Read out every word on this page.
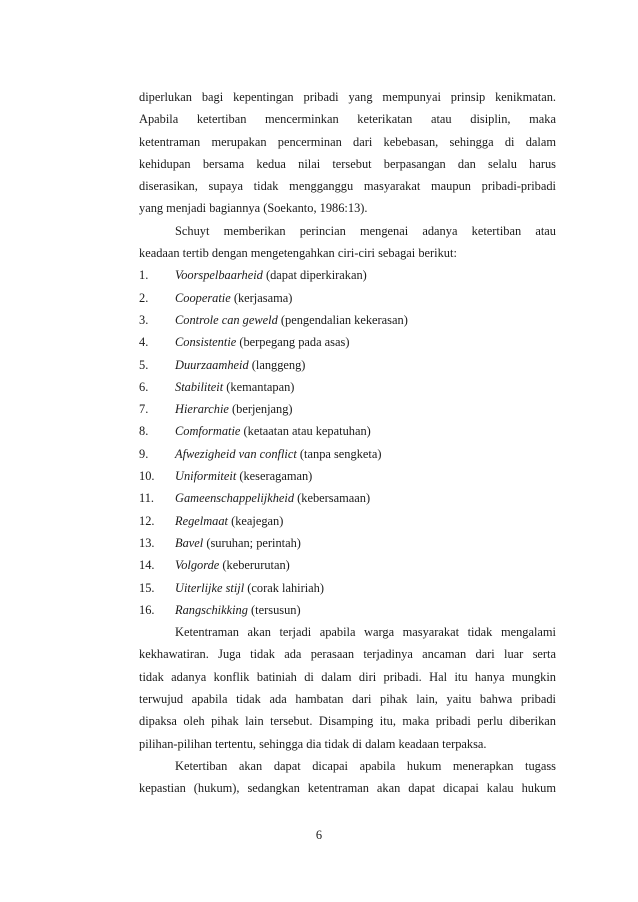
diperlukan bagi kepentingan pribadi yang mempunyai prinsip kenikmatan.
Apabila ketertiban mencerminkan keterikatan atau disiplin, maka
ketentraman merupakan pencerminan dari kebebasan, sehingga di dalam
kehidupan bersama kedua nilai tersebut berpasangan dan selalu harus
diserasikan, supaya tidak mengganggu masyarakat maupun pribadi-pribadi
yang menjadi bagiannya (Soekanto, 1986:13).
Schuyt memberikan perincian mengenai adanya ketertiban atau
keadaan tertib dengan mengetengahkan ciri-ciri sebagai berikut:
1.	Voorspelbaarheid (dapat diperkirakan)
2.	Cooperatie (kerjasama)
3.	Controle can geweld (pengendalian kekerasan)
4.	Consistentie (berpegang pada asas)
5.	Duurzaamheid (langgeng)
6.	Stabiliteit (kemantapan)
7.	Hierarchie (berjenjang)
8.	Comformatie (ketaatan atau kepatuhan)
9.	Afwezigheid van conflict (tanpa sengketa)
10.	Uniformiteit (keseragaman)
11.	Gameenschappelijkheid (kebersamaan)
12.	Regelmaat (keajegan)
13.	Bavel (suruhan; perintah)
14.	Volgorde (keberurutan)
15.	Uiterlijke stijl (corak lahiriah)
16.	Rangschikking (tersusun)
Ketentraman akan terjadi apabila warga masyarakat tidak mengalami
kekhawatiran. Juga tidak ada perasaan terjadinya ancaman dari luar serta
tidak adanya konflik batiniah di dalam diri pribadi. Hal itu hanya mungkin
terwujud apabila tidak ada hambatan dari pihak lain, yaitu bahwa pribadi
dipaksa oleh pihak lain tersebut. Disamping itu, maka pribadi perlu diberikan
pilihan-pilihan tertentu, sehingga dia tidak di dalam keadaan terpaksa.
Ketertiban akan dapat dicapai apabila hukum menerapkan tugass
kepastian (hukum), sedangkan ketentraman akan dapat dicapai kalau hukum
6
